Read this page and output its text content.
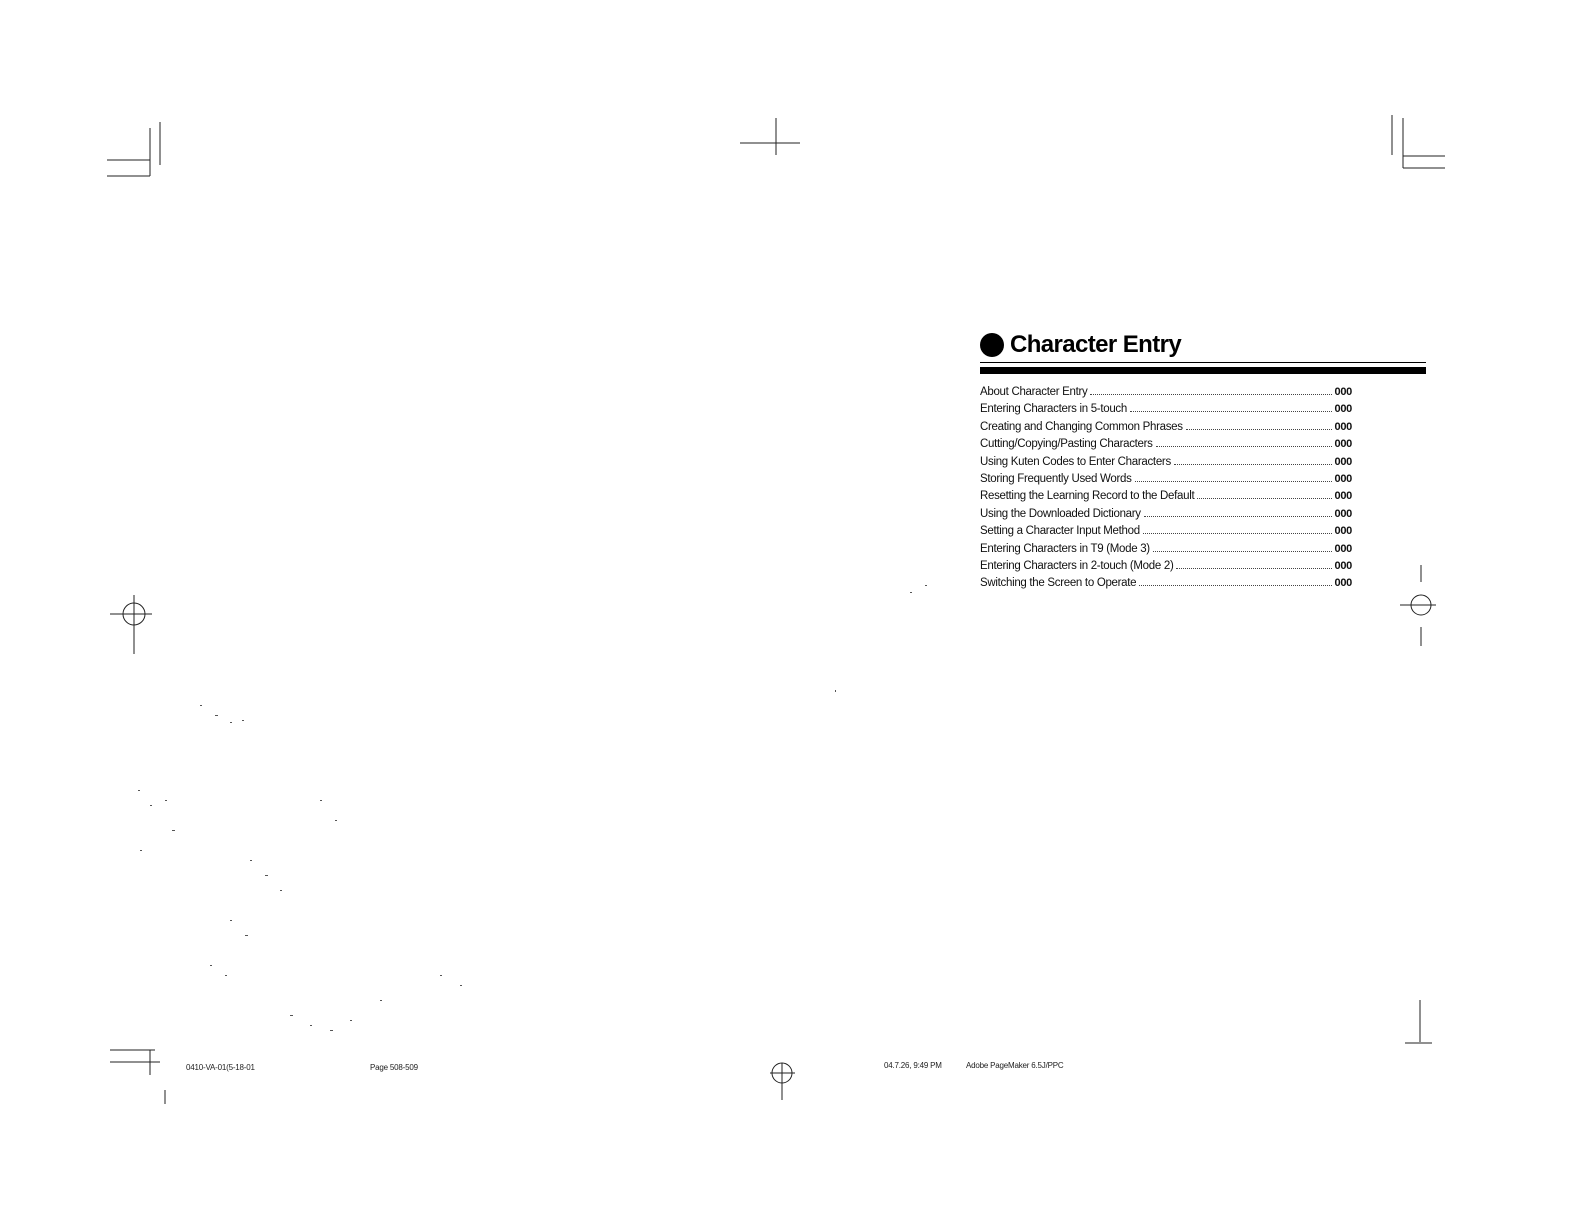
Character Entry
About Character Entry	000
Entering Characters in 5-touch	000
Creating and Changing Common Phrases	000
Cutting/Copying/Pasting Characters	000
Using Kuten Codes to Enter Characters	000
Storing Frequently Used Words	000
Resetting the Learning Record to the Default	000
Using the Downloaded Dictionary	000
Setting a Character Input Method	000
Entering Characters in T9 (Mode 3)	000
Entering Characters in 2-touch (Mode 2)	000
Switching the Screen to Operate	000
0410-VA-01(5-18-01	Page 508-509	04.7.26, 9:49 PM	Adobe PageMaker 6.5J/PPC
